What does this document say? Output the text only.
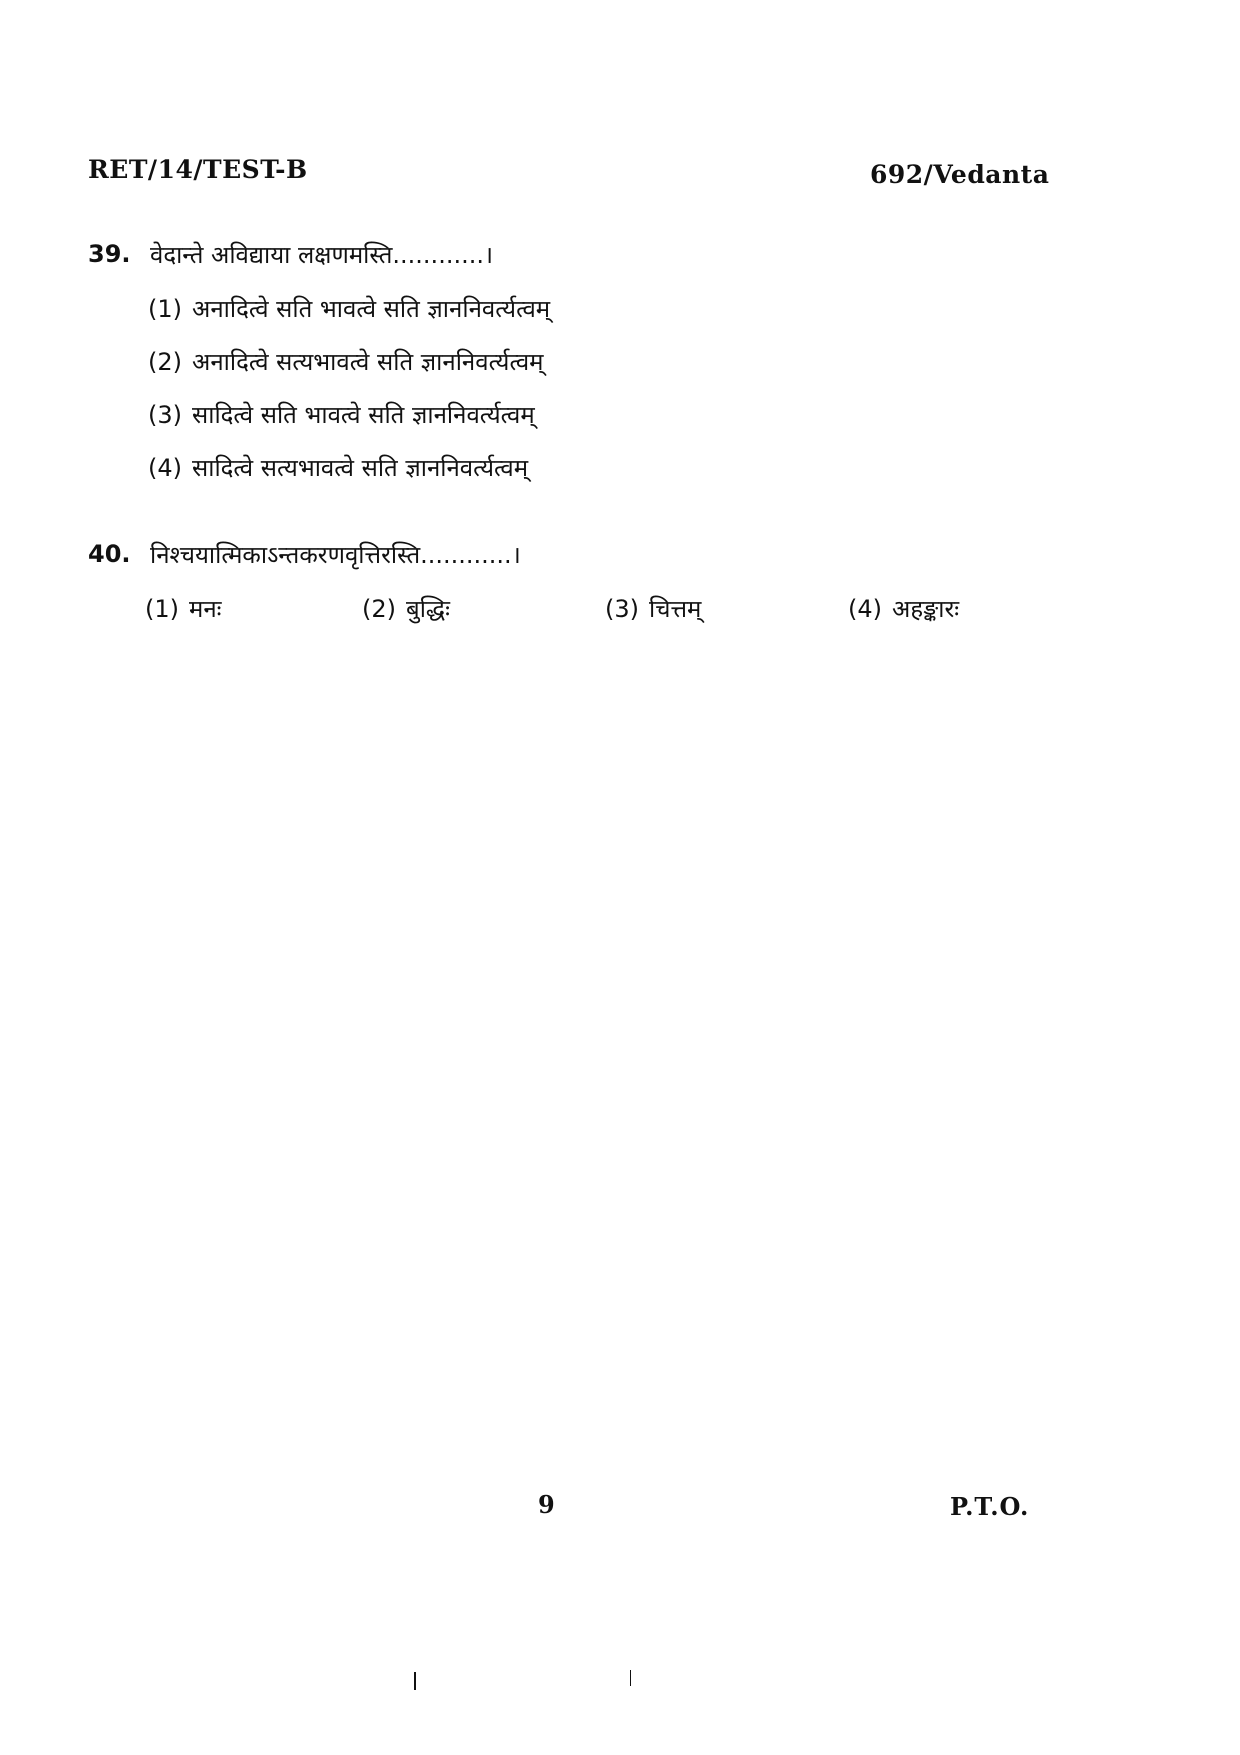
RET/14/TEST-B	692/Vedanta
39. वेदान्ते अविद्याया लक्षणमस्ति............।
(1) अनादित्वे सति भावत्वे सति ज्ञाननिवर्त्यत्वम्
(2) अनादित्वे सत्यभावत्वे सति ज्ञाननिवर्त्यत्वम्
(3) सादित्वे सति भावत्वे सति ज्ञाननिवर्त्यत्वम्
(4) सादित्वे सत्यभावत्वे सति ज्ञाननिवर्त्यत्वम्
40. निश्चयात्मिकाऽन्तकरणवृत्तिरस्ति............।
(1) मनः	(2) बुद्धिः	(3) चित्तम्	(4) अहङ्कारः
9	P.T.O.
